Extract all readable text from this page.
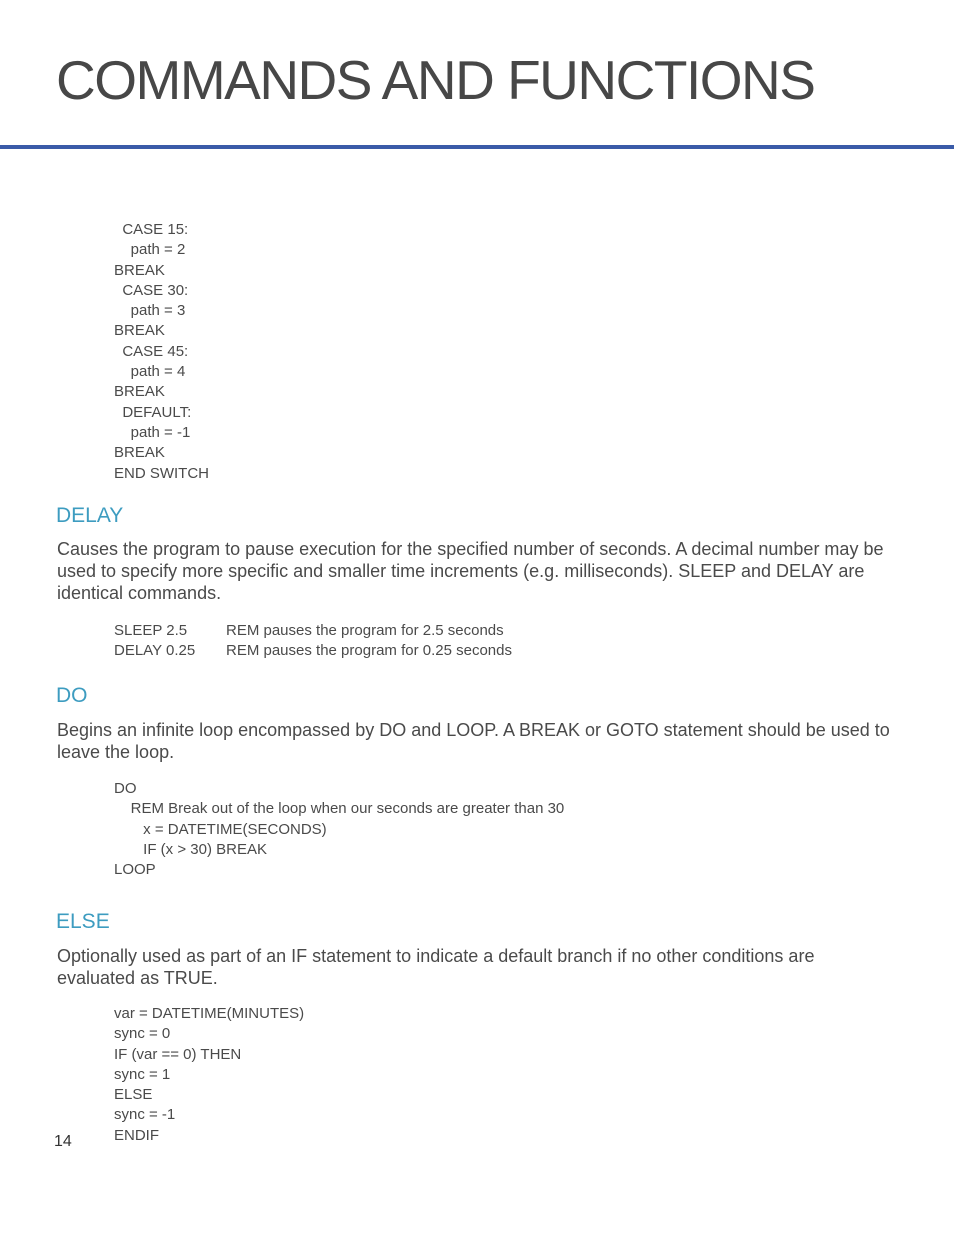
COMMANDS AND FUNCTIONS
CASE 15:
path = 2
BREAK
CASE 30:
path = 3
BREAK
CASE 45:
path = 4
BREAK
DEFAULT:
path = -1
BREAK
END SWITCH
DELAY

Causes the program to pause execution for the specified number of seconds. A decimal number may be used to specify more specific and smaller time increments (e.g. milliseconds). SLEEP and DELAY are identical commands.

SLEEP 2.5	REM pauses the program for 2.5 seconds
DELAY 0.25	REM pauses the program for 0.25 seconds
DO

Begins an infinite loop encompassed by DO and LOOP. A BREAK or GOTO statement should be used to leave the loop.

DO
REM Break out of the loop when our seconds are greater than 30
x = DATETIME(SECONDS)
IF (x > 30) BREAK
LOOP
ELSE

Optionally used as part of an IF statement to indicate a default branch if no other conditions are evaluated as TRUE.

var = DATETIME(MINUTES)
sync = 0
IF (var == 0) THEN
sync = 1
ELSE
sync = -1
ENDIF
14
